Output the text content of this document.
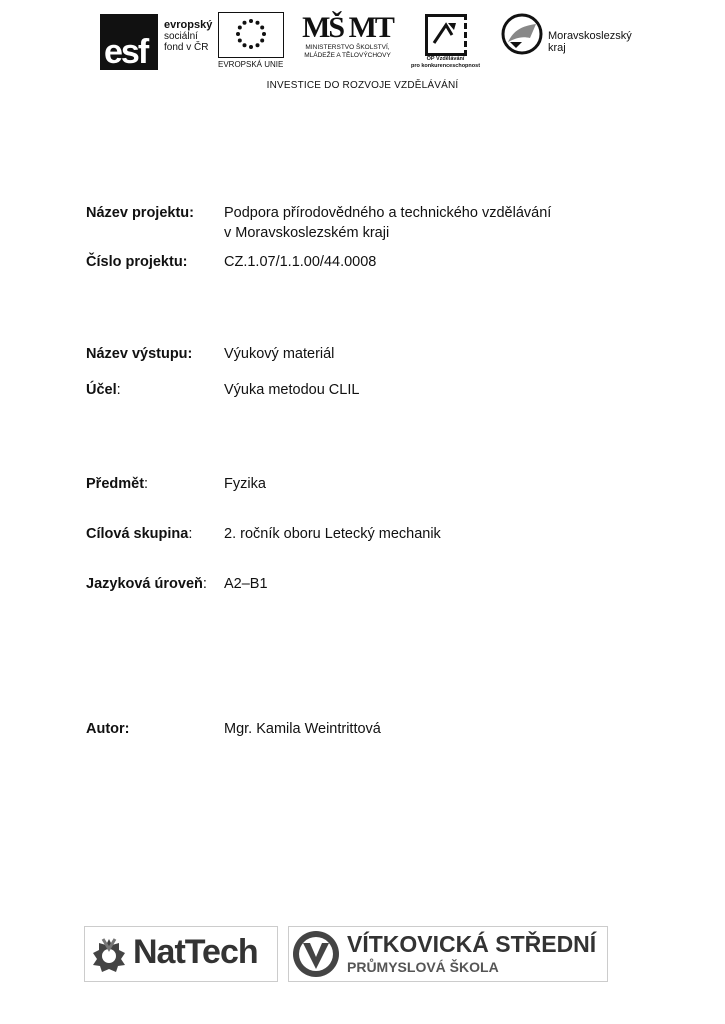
esf
evropský
sociální
fond v ČR
EVROPSKÁ UNIE
MŠ MT
MINISTERSTVO ŠKOLSTVÍ,
MLÁDEŽE A TĚLOVÝCHOVY	OP Vzdělávání
pro konkurenceschopnost
Moravskoslezský
kraj
INVESTICE DO ROZVOJE VZDĚLÁVÁNÍ
Název projektu:	Podpora přírodovědného a technického vzdělávání
v Moravskoslezském kraji
Číslo projektu:	CZ.1.07/1.1.00/44.0008
Název výstupu:	Výukový materiál
Účel:	Výuka metodou CLIL
Předmět:	Fyzika
Cílová skupina:	2. ročník oboru Letecký mechanik
Jazyková úroveň:	A2–B1
Autor:	Mgr. Kamila Weintrittová
NatTech	VÍTKOVICKÁ STŘEDNÍ
PRŮMYSLOVÁ ŠKOLA
